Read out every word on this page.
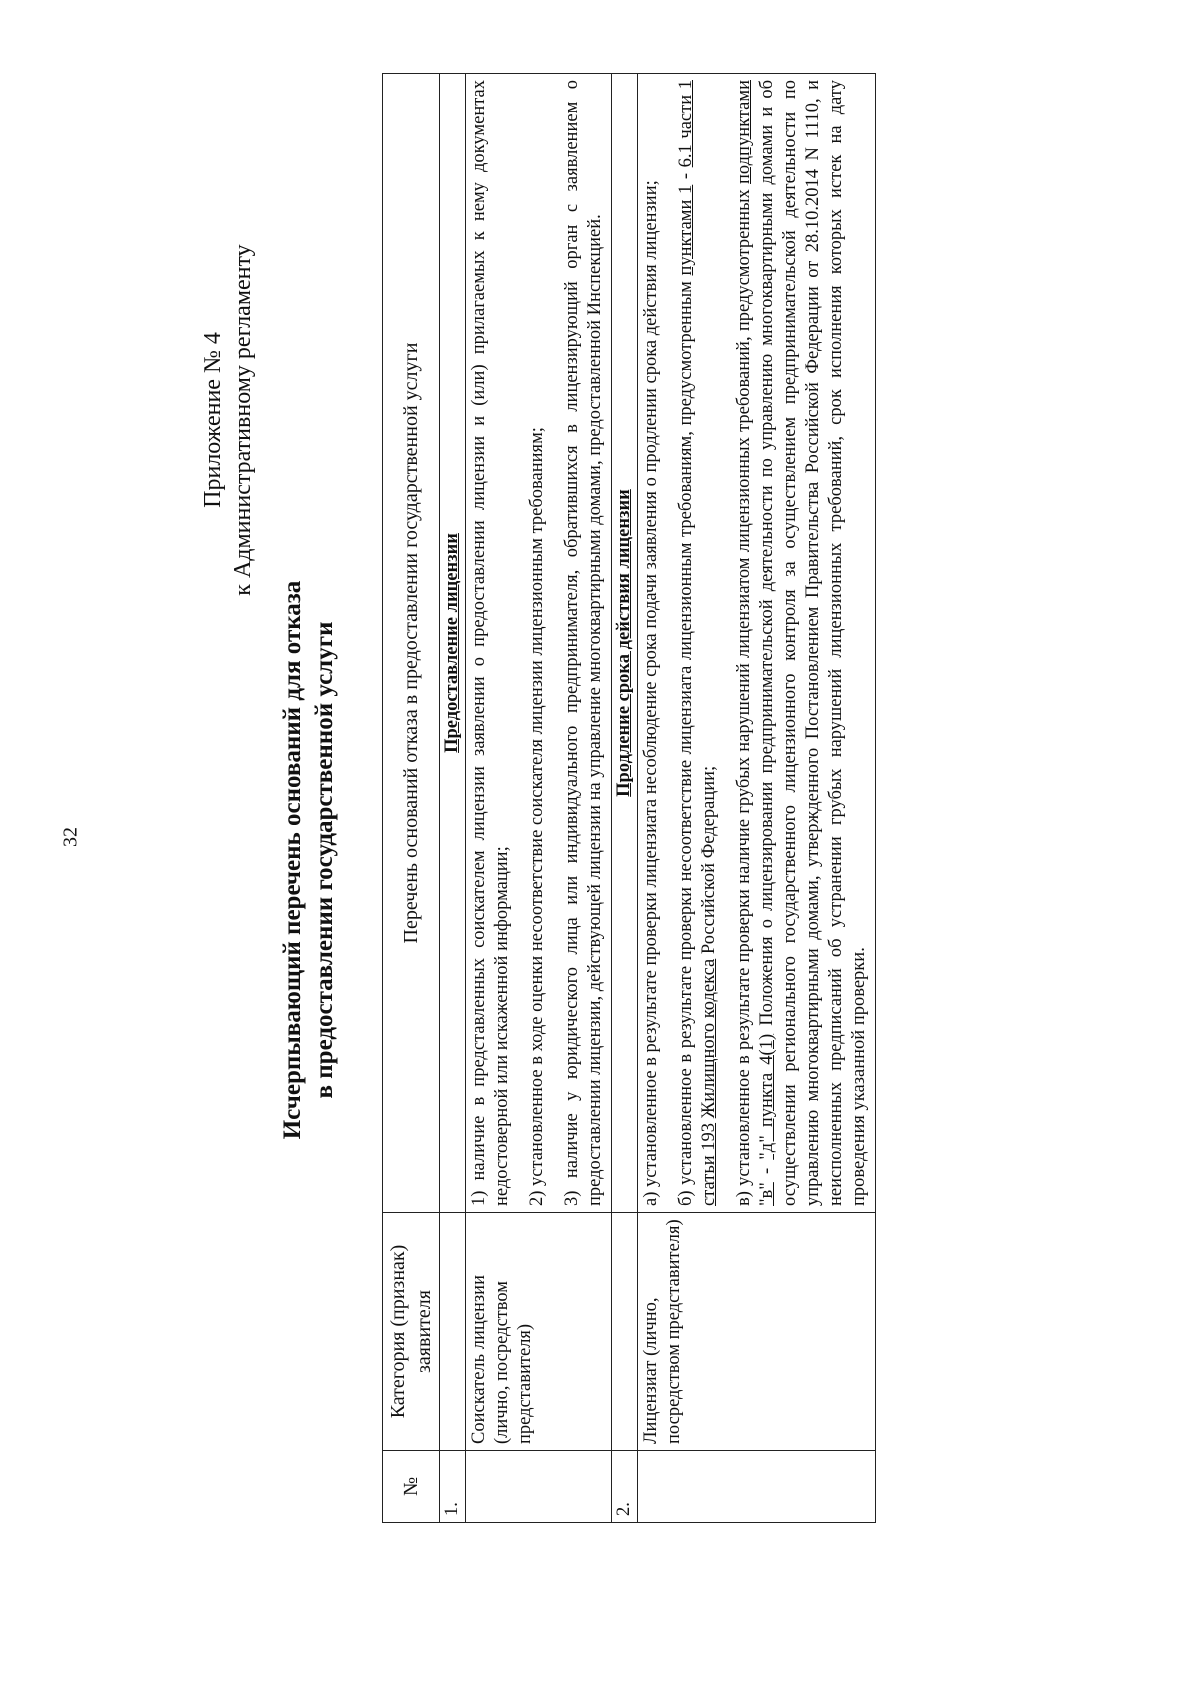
32
Приложение № 4 к Административному регламенту
Исчерпывающий перечень оснований для отказа в предоставлении государственной услуги
№	Категория (признак) заявителя	Перечень оснований отказа в предоставлении государственной услуги
1.		Предоставление лицензии
	Соискатель лицензии (лично, посредством представителя)	1) наличие в представленных соискателем лицензии заявлении о предоставлении лицензии и (или) прилагаемых к нему документах недостоверной или искаженной информации; 2) установленное в ходе оценки несоответствие соискателя лицензии лицензионным требованиям; 3) наличие у юридического лица или индивидуального предпринимателя, обратившихся в лицензирующий орган с заявлением о предоставлении лицензии, действующей лицензии на управление многоквартирными домами, предоставленной Инспекцией.

2.		Продление срока действия лицензии
	Лицензиат (лично, посредством представителя)	а) установленное в результате проверки лицензиата несоблюдение срока подачи заявления о продлении срока действия лицензии; б) установленное в результате проверки несоответствие лицензиата лицензионным требованиям, предусмотренным пунктами 1 - 6.1 части 1 статьи 193 Жилищного кодекса Российской Федерации; в) установленное в результате проверки наличие грубых нарушений лицензиатом лицензионных требований, предусмотренных подпунктами "в" - "д" пункта 4(1) Положения о лицензировании предпринимательской деятельности по управлению многоквартирными домами и об осуществлении регионального государственного лицензионного контроля за осуществлением предпринимательской деятельности по управлению многоквартирными домами, утвержденного Постановлением Правительства Российской Федерации от 28.10.2014 N 1110, и неисполненных предписаний об устранении грубых нарушений лицензионных требований, срок исполнения которых истек на дату проведения указанной проверки.
